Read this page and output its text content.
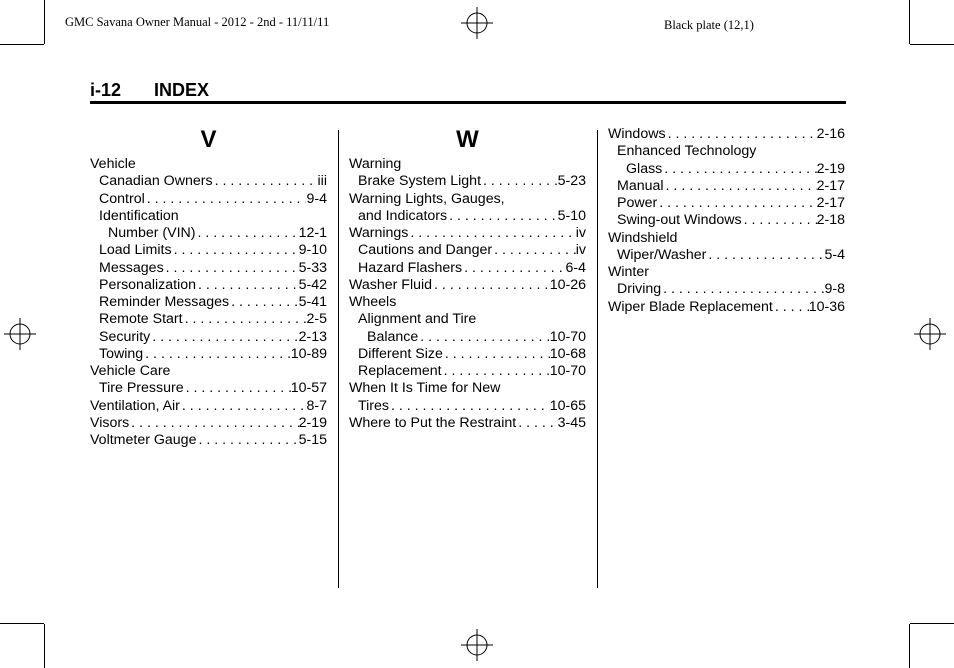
GMC Savana Owner Manual - 2012 - 2nd - 11/11/11	Black plate (12,1)
i-12 INDEX
V
Vehicle
Canadian Owners . . .	iii
Control . . .	9-4
Identification
Number (VIN) . . .	12-1
Load Limits . . .	9-10
Messages . . .	5-33
Personalization . . .	5-42
Reminder Messages . . .	5-41
Remote Start . . .	2-5
Security . . .	2-13
Towing . . .	10-89
Vehicle Care
Tire Pressure . . .	10-57
Ventilation, Air . . .	8-7
Visors . . .	2-19
Voltmeter Gauge . . .	5-15
W
Warning
Brake System Light . . .	5-23
Warning Lights, Gauges,
and Indicators . . .	5-10
Warnings . . .	iv
Cautions and Danger . . .	iv
Hazard Flashers . . .	6-4
Washer Fluid . . .	10-26
Wheels
Alignment and Tire
Balance . . .	10-70
Different Size . . .	10-68
Replacement . . .	10-70
When It Is Time for New
Tires . . .	10-65
Where to Put the Restraint . . .	3-45
Windows . . .	2-16
Enhanced Technology
Glass . . .	2-19
Manual . . .	2-17
Power . . .	2-17
Swing-out Windows . . .	2-18
Windshield
Wiper/Washer . . .	5-4
Winter
Driving . . .	9-8
Wiper Blade Replacement . . .	10-36
